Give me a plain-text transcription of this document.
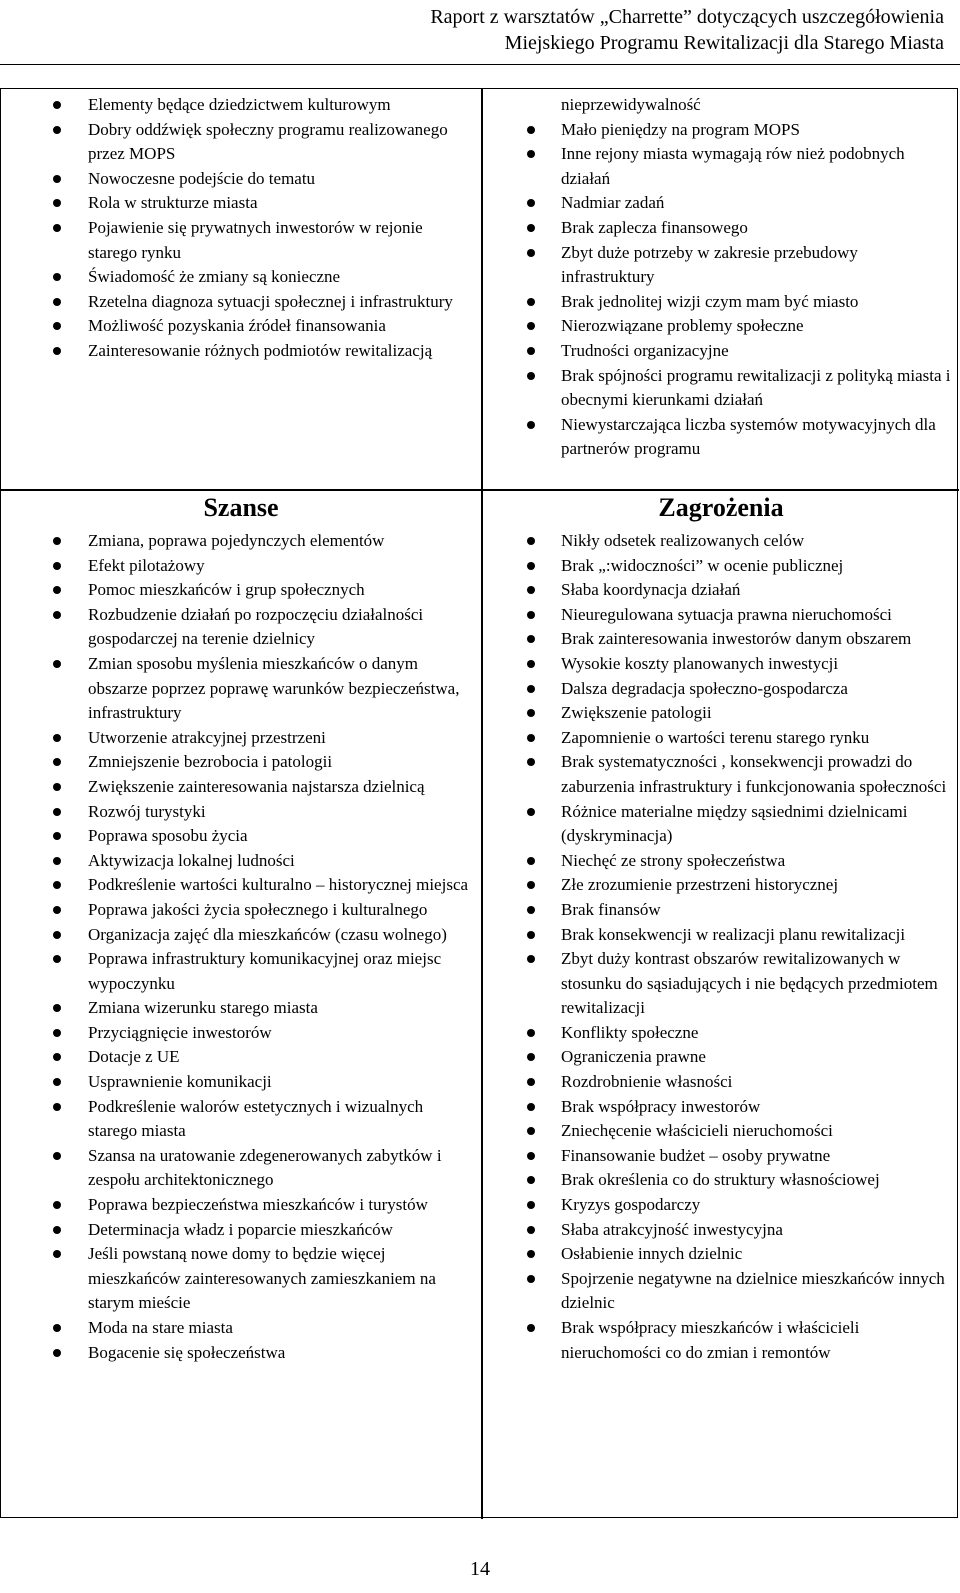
Raport z warsztatów „Charrette” dotyczących uszczegółowienia
Miejskiego Programu Rewitalizacji dla Starego Miasta
Elementy będące dziedzictwem kulturowym
Dobry oddźwięk społeczny programu realizowanego przez MOPS
Nowoczesne podejście do tematu
Rola w strukturze miasta
Pojawienie się prywatnych inwestorów w rejonie starego rynku
Świadomość że zmiany są konieczne
Rzetelna diagnoza sytuacji społecznej i infrastruktury
Możliwość pozyskania źródeł finansowania
Zainteresowanie różnych podmiotów rewitalizacją
nieprzewidywalność
Mało pieniędzy na program MOPS
Inne rejony miasta wymagają rów nież podobnych działań
Nadmiar zadań
Brak zaplecza finansowego
Zbyt duże potrzeby w zakresie przebudowy infrastruktury
Brak jednolitej wizji czym mam być miasto
Nierozwiązane problemy społeczne
Trudności organizacyjne
Brak spójności programu rewitalizacji z polityką miasta i obecnymi kierunkami działań
Niewystarczająca liczba systemów motywacyjnych dla partnerów programu
Szanse
Zmiana, poprawa pojedynczych elementów
Efekt pilotażowy
Pomoc mieszkańców i grup społecznych
Rozbudzenie działań po rozpoczęciu działalności gospodarczej na terenie dzielnicy
Zmian sposobu myślenia mieszkańców o danym obszarze poprzez poprawę warunków bezpieczeństwa, infrastruktury
Utworzenie atrakcyjnej przestrzeni
Zmniejszenie bezrobocia i patologii
Zwiększenie zainteresowania najstarsza dzielnicą
Rozwój turystyki
Poprawa sposobu życia
Aktywizacja lokalnej ludności
Podkreślenie wartości kulturalno – historycznej miejsca
Poprawa jakości życia społecznego i kulturalnego
Organizacja zajęć dla mieszkańców (czasu wolnego)
Poprawa infrastruktury komunikacyjnej oraz miejsc wypoczynku
Zmiana wizerunku starego miasta
Przyciągnięcie inwestorów
Dotacje z UE
Usprawnienie komunikacji
Podkreślenie walorów estetycznych i wizualnych starego miasta
Szansa na uratowanie zdegenerowanych zabytków i zespołu architektonicznego
Poprawa bezpieczeństwa mieszkańców i turystów
Determinacja władz i poparcie mieszkańców
Jeśli powstaną nowe domy to będzie więcej mieszkańców zainteresowanych zamieszkaniem na starym mieście
Moda na stare miasta
Bogacenie się społeczeństwa
Zagrożenia
Nikły odsetek realizowanych celów
Brak „:widoczności” w ocenie publicznej
Słaba koordynacja działań
Nieuregulowana sytuacja prawna nieruchomości
Brak zainteresowania inwestorów danym obszarem
Wysokie koszty planowanych inwestycji
Dalsza degradacja społeczno-gospodarcza
Zwiększenie patologii
Zapomnienie o wartości terenu starego rynku
Brak systematyczności , konsekwencji prowadzi do zaburzenia infrastruktury i funkcjonowania społeczności
Różnice materialne między sąsiednimi dzielnicami (dyskryminacja)
Niechęć ze strony społeczeństwa
Złe zrozumienie przestrzeni historycznej
Brak finansów
Brak konsekwencji w realizacji planu rewitalizacji
Zbyt duży kontrast obszarów rewitalizowanych w stosunku do sąsiadujących i nie będących przedmiotem rewitalizacji
Konflikty społeczne
Ograniczenia prawne
Rozdrobnienie własności
Brak współpracy inwestorów
Zniechęcenie właścicieli nieruchomości
Finansowanie budżet – osoby prywatne
Brak określenia co do struktury własnościowej
Kryzys gospodarczy
Słaba atrakcyjność inwestycyjna
Osłabienie innych dzielnic
Spojrzenie negatywne na dzielnice mieszkańców innych dzielnic
Brak współpracy mieszkańców i właścicieli nieruchomości co do zmian i remontów
14
